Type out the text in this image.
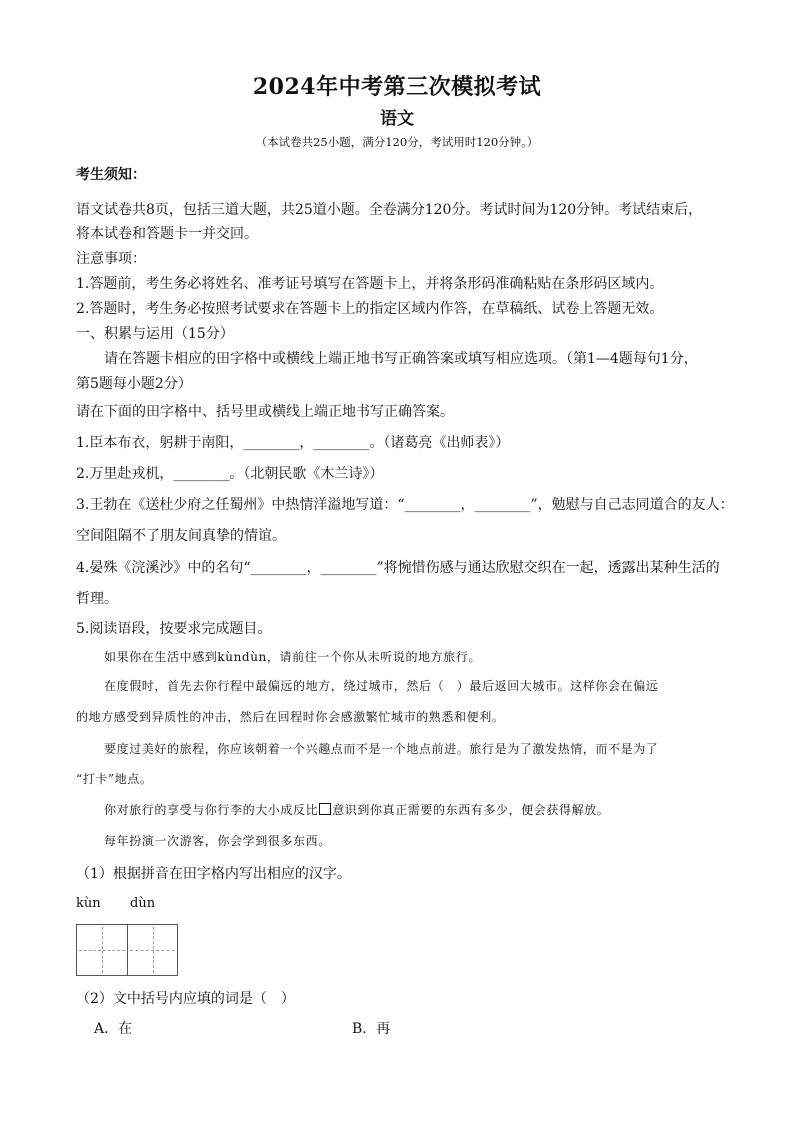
2024年中考第三次模拟考试
语文
（本试卷共25小题，满分120分，考试用时120分钟。）
考生须知：
语文试卷共8页，包括三道大题，共25道小题。全卷满分120分。考试时间为120分钟。考试结束后，
将本试卷和答题卡一并交回。
注意事项：
1.答题前，考生务必将姓名、准考证号填写在答题卡上，并将条形码准确粘贴在条形码区域内。
2.答题时，考生务必按照考试要求在答题卡上的指定区域内作答，在草稿纸、试卷上答题无效。
一、积累与运用（15分）
请在答题卡相应的田字格中或横线上端正地书写正确答案或填写相应选项。（第1—4题每句1分，
第5题每小题2分）
请在下面的田字格中、括号里或横线上端正地书写正确答案。
1.臣本布衣，躬耕于南阳，________，________。（诸葛亮《出师表》）
2.万里赴戎机，________。（北朝民歌《木兰诗》）
3.王勃在《送杜少府之任蜀州》中热情洋溢地写道：“________，________”，勉慰与自己志同道合的友人：
空间阻隔不了朋友间真挚的情谊。
4.晏殊《浣溪沙》中的名句“________，________”将惋惜伤感与通达欣慰交织在一起，透露出某种生活的
哲理。
5.阅读语段，按要求完成题目。
如果你在生活中感到kùndùn，请前往一个你从未听说的地方旅行。
在度假时，首先去你行程中最偏远的地方，绕过城市，然后（　）最后返回大城市。这样你会在偏远
的地方感受到异质性的冲击，然后在回程时你会感激繁忙城市的熟悉和便利。
要度过美好的旅程，你应该朝着一个兴趣点而不是一个地点前进。旅行是为了激发热情，而不是为了
“打卡”地点。
你对旅行的享受与你行李的大小成反比 意识到你真正需要的东西有多少，便会获得解放。
每年扮演一次游客，你会学到很多东西。
（1）根据拼音在田字格内写出相应的汉字。
kùn dùn
（2）文中括号内应填的词是（　）
A．在	B．再
